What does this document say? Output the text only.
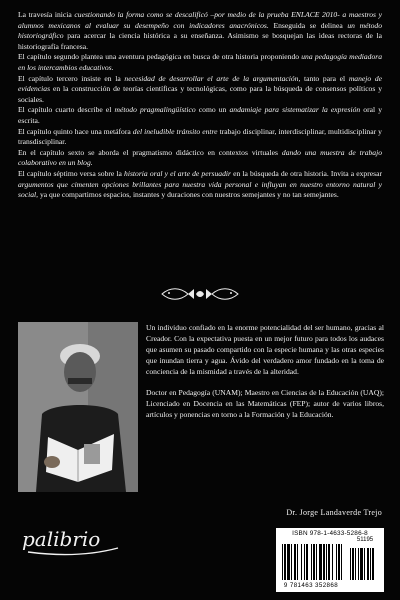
La travesía inicia cuestionando la forma como se descalificó –por medio de la prueba ENLACE 2010- a maestros y alumnos mexicanos al evaluar su desempeño con indicadores anacrónicos. Enseguida se delinea un método historiográfico para acercar la ciencia histórica a su enseñanza. Asimismo se bosquejan las ideas rectoras de la historiografía francesa.

El capítulo segundo plantea una aventura pedagógica en busca de otra historia proponiendo una pedagogía mediadora en los intercambios educativos.

El capítulo tercero insiste en la necesidad de desarrollar el arte de la argumentación, tanto para el manejo de evidencias en la construcción de teorías científicas y tecnológicas, como para la búsqueda de consensos políticos y sociales.

El capítulo cuarto describe el método pragmalingüístico como un andamiaje para sistematizar la expresión oral y escrita.

El capítulo quinto hace una metáfora del ineludible tránsito entre trabajo disciplinar, interdisciplinar, multidisciplinar y transdisciplinar.

En el capítulo sexto se aborda el pragmatismo didáctico en contextos virtuales dando una muestra de trabajo colaborativo en un blog.

El capítulo séptimo versa sobre la historia oral y el arte de persuadir en la búsqueda de otra historia. Invita a expresar argumentos que cimenten opciones brillantes para nuestra vida personal e influyan en nuestro entorno natural y social, ya que compartimos espacios, instantes y duraciones con nuestros semejantes y no tan semejantes.

Un individuo confiado en la enorme potencialidad del ser humano, gracias al Creador. Con la expectativa puesta en un mejor futuro para todos los audaces que asumen su pasado compartido con la especie humana y las otras especies que inundan tierra y agua. Ávido del verdadero amor fundado en la toma de conciencia de la mismidad a través de la alteridad.

Doctor en Pedagogía (UNAM); Maestro en Ciencias de la Educación (UAQ); Licenciado en Docencia en las Matemáticas (FEP); autor de varios libros, artículos y ponencias en torno a la Formación y la Educación.

Dr. Jorge Landaverde Trejo
palibrio	ISBN 978-1-4633-5286-8
51195
9 781463 352868
